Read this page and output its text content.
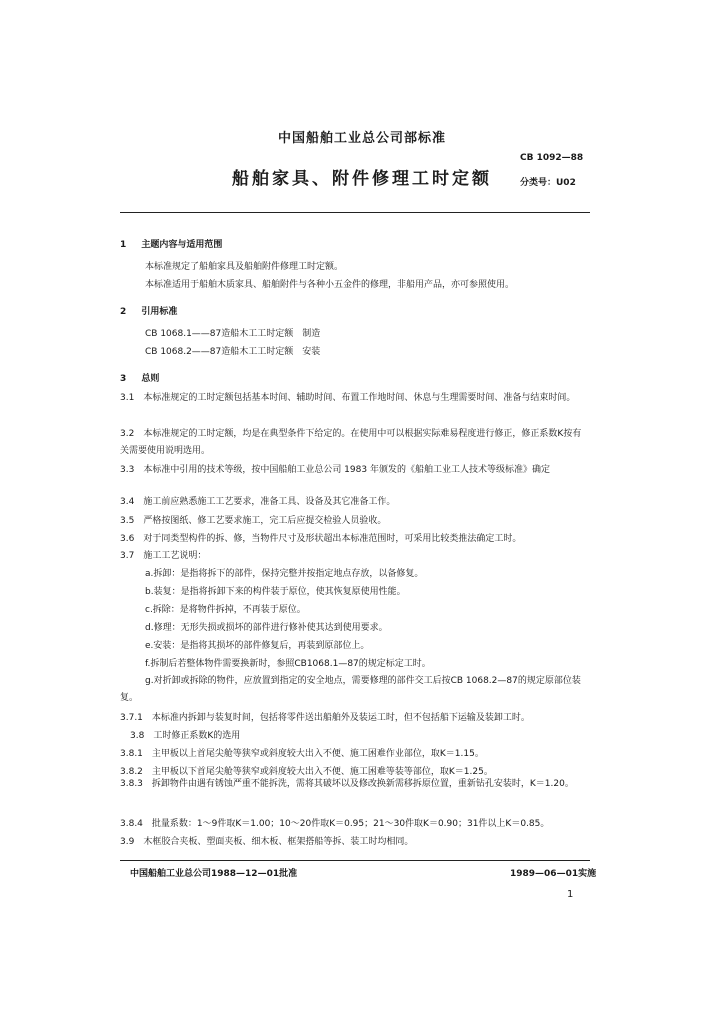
中国船舶工业总公司部标准
CB 1092—88
船舶家具、附件修理工时定额	分类号：U02
1 主题内容与适用范围
本标准规定了船舶家具及船舶附件修理工时定额。
本标准适用于船舶木质家具、船舶附件与各种小五金件的修理，非船用产品，亦可参照使用。
2 引用标准
CB 1068.1——87造船木工工时定额　制造
CB 1068.2——87造船木工工时定额　安装
3 总则
3.1　本标准规定的工时定额包括基本时间、辅助时间、布置工作地时间、休息与生理需要时间、准备与结束时间。
3.2　本标准规定的工时定额，均是在典型条件下给定的。在使用中可以根据实际难易程度进行修正，修正系数K按有关需要使用说明选用。
3.3　本标准中引用的技术等级，按中国船舶工业总公司 1983 年颁发的《船舶工业工人技术等级标准》确定
3.4　施工前应熟悉施工工艺要求，准备工具、设备及其它准备工作。
3.5　严格按图纸、修工艺要求施工，完工后应提交检验人员验收。
3.6　对于同类型构件的拆、修，当物件尺寸及形状超出本标准范围时，可采用比较类推法确定工时。
3.7　施工工艺说明：
a.拆卸：是指将拆下的部件，保持完整并按指定地点存放，以备修复。
b.装复：是指将拆卸下来的构件装于原位，使其恢复原使用性能。
c.拆除：是将物件拆掉，不再装于原位。
d.修理：无形失损或损坏的部件进行修补使其达到使用要求。
e.安装：是指将其损坏的部件修复后，再装到原部位上。
f.拆制后若整体物件需要换新时，参照CB1068.1—87的规定标定工时。
g.对折卸或拆除的物件，应放置到指定的安全地点，需要修理的部件交工后按CB 1068.2—87的规定原部位装复。
3.7.1　本标准内拆卸与装复时间，包括将零件送出船舶外及装运工时，但不包括船下运输及装卸工时。
3.8　工时修正系数K的选用
3.8.1　主甲板以上首尾尖舱等狭窄或斜度较大出入不便、施工困难作业部位，取K＝1.15。
3.8.2　主甲板以下首尾尖舱等狭窄或斜度较大出入不便、施工困难等装等部位，取K＝1.25。
3.8.3　拆卸物件由遇有锈蚀严重不能拆洗，需将其破坏以及修改换新需移拆原位置，重新钻孔安装时，K＝1.20。
3.8.4　批量系数：1～9件取K＝1.00；10～20件取K＝0.95；21～30件取K＝0.90；31件以上K＝0.85。
3.9　木框胶合夹板、塑面夹板、细木板、框架搭船等拆、装工时均相同。
中国船舶工业总公司1988—12—01批准	1989—06—01实施
1
